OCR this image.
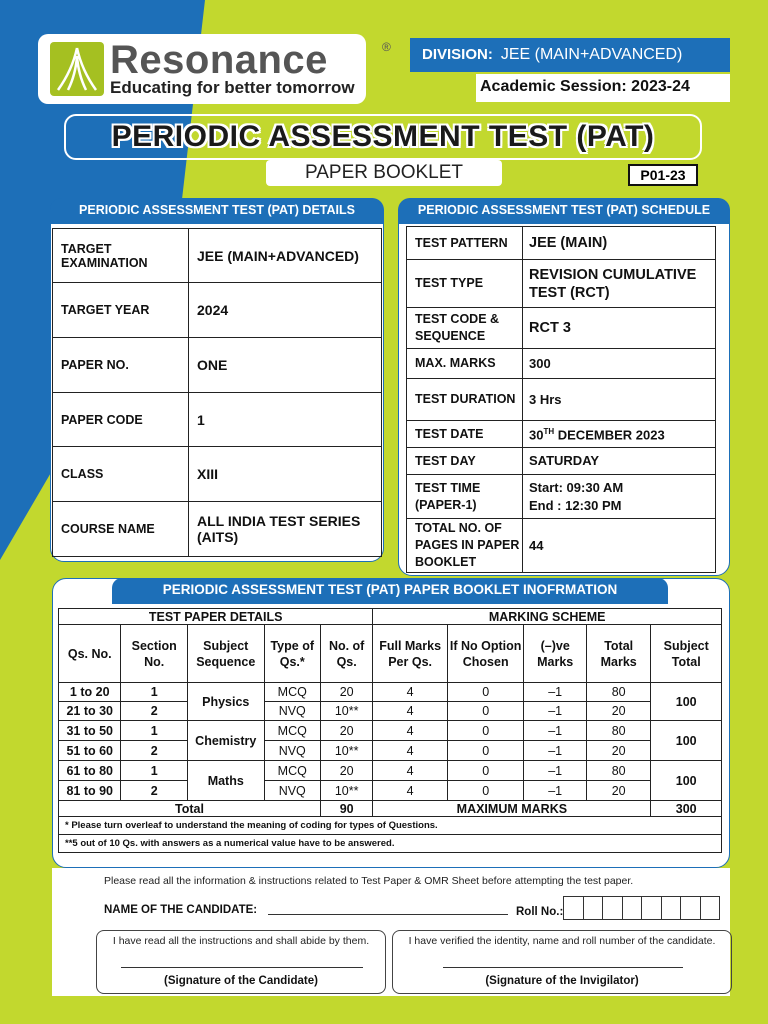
Resonance	®
Educating for better tomorrow
DIVISION: JEE (MAIN+ADVANCED)
Academic Session: 2023-24
PERIODIC ASSESSMENT TEST (PAT)
PAPER BOOKLET	P01-23
PERIODIC ASSESSMENT TEST (PAT) DETAILS
TARGET EXAMINATION	JEE (MAIN+ADVANCED)
TARGET YEAR	2024
PAPER NO.	ONE
PAPER CODE	1
CLASS	XIII
COURSE NAME	ALL INDIA TEST SERIES (AITS)
PERIODIC ASSESSMENT TEST (PAT) SCHEDULE
TEST PATTERN	JEE (MAIN)
TEST TYPE	REVISION CUMULATIVE TEST (RCT)
TEST CODE & SEQUENCE	RCT 3
MAX. MARKS	300
TEST DURATION	3 Hrs
TEST DATE	30TH DECEMBER 2023
TEST DAY	SATURDAY
TEST TIME (PAPER-1)	Start: 09:30 AM
End : 12:30 PM

TOTAL NO. OF PAGES IN PAPER BOOKLET	44
PERIODIC ASSESSMENT TEST (PAT) PAPER BOOKLET INOFRMATION
TEST PAPER DETAILS					MARKING SCHEME				
Qs. No.	Section No.	Subject Sequence	Type of Qs.*	No. of Qs.	Full Marks Per Qs.	If No Option Chosen	(–)ve Marks	Total Marks	Subject Total
1 to 20	1	Physics	MCQ	20	4	0	–1	80	100
21 to 30	2		NVQ	10**	4	0	–1	20	
31 to 50	1	Chemistry	MCQ	20	4	0	–1	80	100
51 to 60	2		NVQ	10**	4	0	–1	20	
61 to 80	1	Maths	MCQ	20	4	0	–1	80	100
81 to 90	2		NVQ	10**	4	0	–1	20	
Total				90	MAXIMUM MARKS				300
* Please turn overleaf to understand the meaning of coding for types of Questions.									
**5 out of 10 Qs. with answers as a numerical value have to be answered.									
Please read all the information & instructions related to Test Paper & OMR Sheet before attempting the test paper.
NAME OF THE CANDIDATE:	Roll No.:
I have read all the instructions and shall abide by them.
(Signature of the Candidate)
I have verified the identity, name and roll number of the candidate.
(Signature of the Invigilator)
